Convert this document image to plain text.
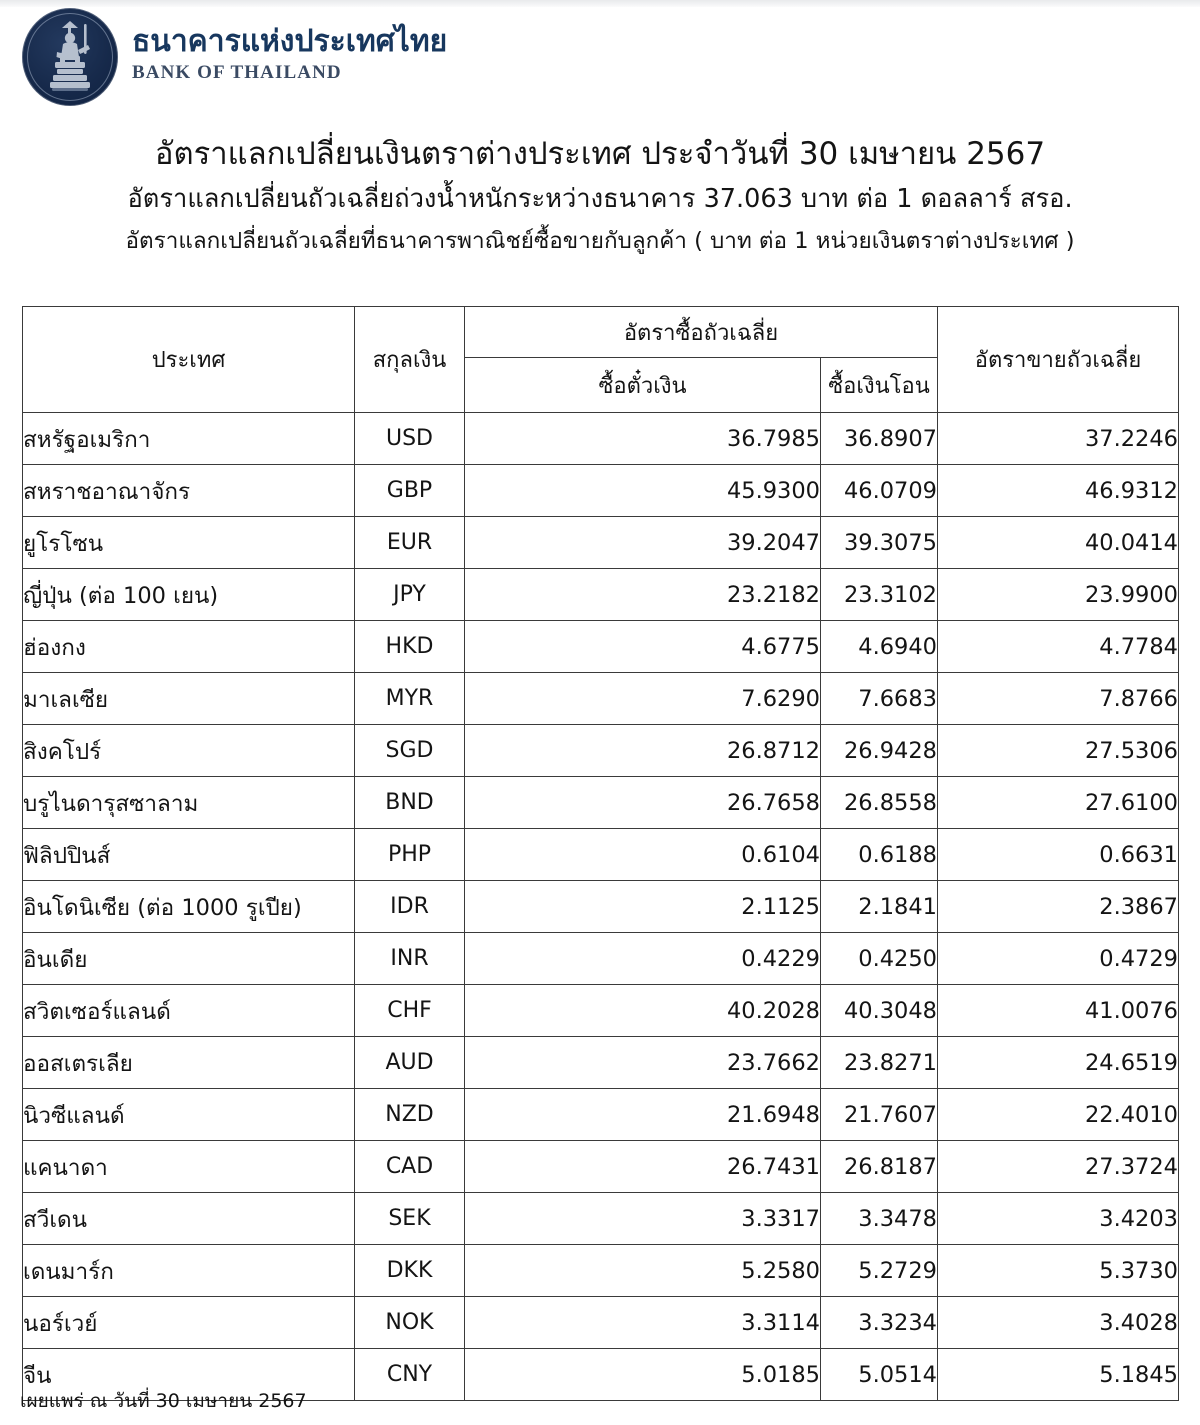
ธนาคารแห่งประเทศไทย
BANK OF THAILAND
อัตราแลกเปลี่ยนเงินตราต่างประเทศ ประจำวันที่ 30 เมษายน 2567
อัตราแลกเปลี่ยนถัวเฉลี่ยถ่วงน้ำหนักระหว่างธนาคาร 37.063 บาท ต่อ 1 ดอลลาร์ สรอ.
อัตราแลกเปลี่ยนถัวเฉลี่ยที่ธนาคารพาณิชย์ซื้อขายกับลูกค้า ( บาท ต่อ 1 หน่วยเงินตราต่างประเทศ )
ประเทศ	สกุลเงิน	อัตราซื้อถัวเฉลี่ย		อัตราขายถัวเฉลี่ย
		ซื้อตั๋วเงิน	ซื้อเงินโอน	
สหรัฐอเมริกา	USD	36.7985	36.8907	37.2246
สหราชอาณาจักร	GBP	45.9300	46.0709	46.9312
ยูโรโซน	EUR	39.2047	39.3075	40.0414
ญี่ปุ่น (ต่อ 100 เยน)	JPY	23.2182	23.3102	23.9900
ฮ่องกง	HKD	4.6775	4.6940	4.7784
มาเลเซีย	MYR	7.6290	7.6683	7.8766
สิงคโปร์	SGD	26.8712	26.9428	27.5306
บรูไนดารุสซาลาม	BND	26.7658	26.8558	27.6100
ฟิลิปปินส์	PHP	0.6104	0.6188	0.6631
อินโดนิเซีย (ต่อ 1000 รูเปีย)	IDR	2.1125	2.1841	2.3867
อินเดีย	INR	0.4229	0.4250	0.4729
สวิตเซอร์แลนด์	CHF	40.2028	40.3048	41.0076
ออสเตรเลีย	AUD	23.7662	23.8271	24.6519
นิวซีแลนด์	NZD	21.6948	21.7607	22.4010
แคนาดา	CAD	26.7431	26.8187	27.3724
สวีเดน	SEK	3.3317	3.3478	3.4203
เดนมาร์ก	DKK	5.2580	5.2729	5.3730
นอร์เวย์	NOK	3.3114	3.3234	3.4028
จีน	CNY	5.0185	5.0514	5.1845
เผยแพร่ ณ วันที่ 30 เมษายน 2567
